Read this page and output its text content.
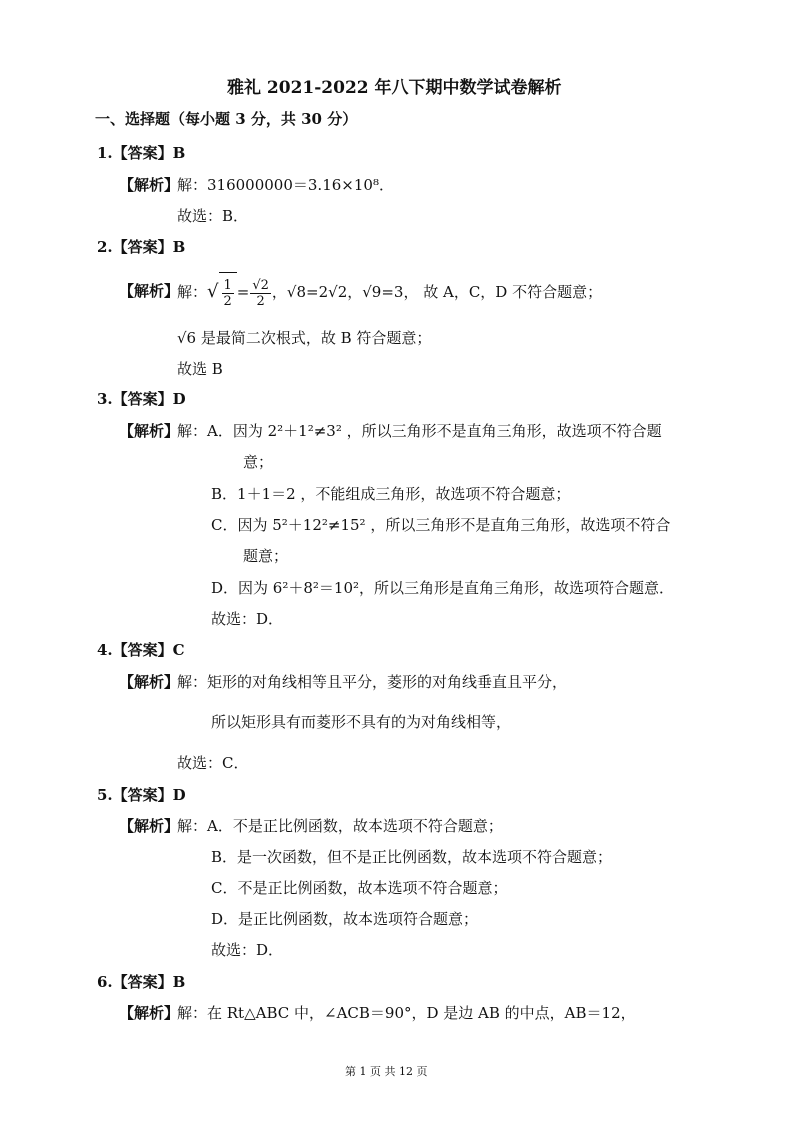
雅礼 2021-2022 年八下期中数学试卷解析
一、选择题（每小题 3 分，共 30 分）
1.【答案】B
【解析】
解：316000000＝3.16×10⁸．
故选：B．
2.【答案】B
【解析】
解：√ $\frac{1}{2} = \frac{√2}{2}$ ，√8=2√2，√9=3， 故 A，C，D 不符合题意；
√6 是最简二次根式，故 B 符合题意；
故选 B
3.【答案】D
【解析】
解：A．因为 2²＋1²≠3² ，所以三角形不是直角三角形，故选项不符合题
意；
B．1＋1＝2 ，不能组成三角形，故选项不符合题意；
C．因为 5²＋12²≠15² ，所以三角形不是直角三角形，故选项不符合
题意；
D．因为 6²＋8²＝10²，所以三角形是直角三角形，故选项符合题意．
故选：D．
4.【答案】C
【解析】
解：矩形的对角线相等且平分，菱形的对角线垂直且平分，
所以矩形具有而菱形不具有的为对角线相等，
故选：C．
5.【答案】D
【解析】
解：A．不是正比例函数，故本选项不符合题意；
B．是一次函数，但不是正比例函数，故本选项不符合题意；
C．不是正比例函数，故本选项不符合题意；
D．是正比例函数，故本选项符合题意；
故选：D．
6.【答案】B
【解析】
解：在 Rt△ABC 中，∠ACB＝90°，D 是边 AB 的中点，AB＝12，
第 1 页 共 12 页
